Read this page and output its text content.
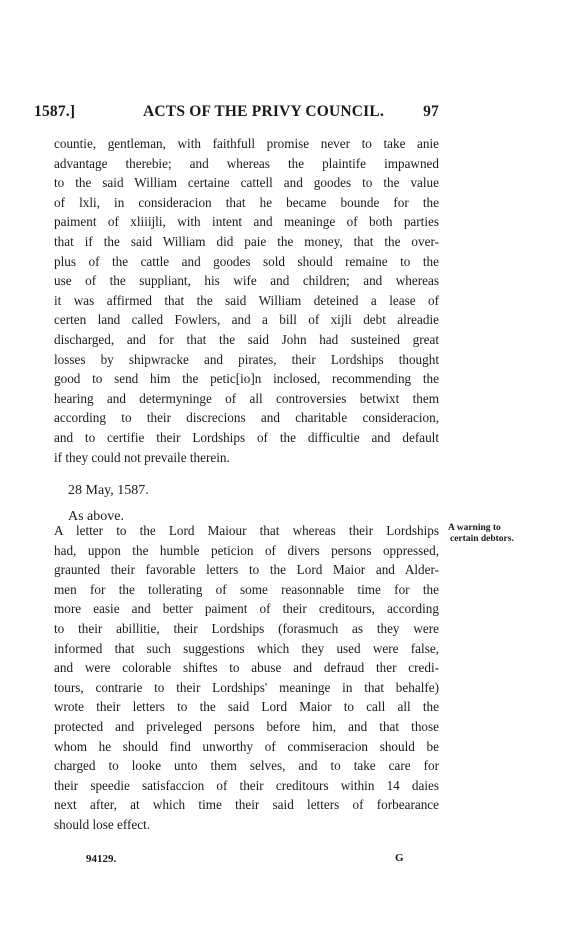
1587.]	ACTS OF THE PRIVY COUNCIL.	97
countie, gentleman, with faithfull promise never to take anie
advantage therebie; and whereas the plaintife impawned
to the said William certaine cattell and goodes to the value
of lxli, in consideracion that he became bounde for the
paiment of xliiijli, with intent and meaninge of both parties
that if the said William did paie the money, that the over-
plus of the cattle and goodes sold should remaine to the
use of the suppliant, his wife and children; and whereas
it was affirmed that the said William deteined a lease of
certen land called Fowlers, and a bill of xijli debt alreadie
discharged, and for that the said John had susteined great
losses by shipwracke and pirates, their Lordships thought
good to send him the petic[io]n inclosed, recommending the
hearing and determyninge of all controversies betwixt them
according to their discrecions and charitable consideracion,
and to certifie their Lordships of the difficultie and default
if they could not prevaile therein.
28 May, 1587.
As above.
A letter to the Lord Maiour that whereas their Lordships
had, uppon the humble peticion of divers persons oppressed,
graunted their favorable letters to the Lord Maior and Alder-
men for the tollerating of some reasonnable time for the
more easie and better paiment of their creditours, according
to their abillitie, their Lordships (forasmuch as they were
informed that such suggestions which they used were false,
and were colorable shiftes to abuse and defraud ther credi-
tours, contrarie to their Lordships' meaninge in that behalfe)
wrote their letters to the said Lord Maior to call all the
protected and priveleged persons before him, and that those
whom he should find unworthy of commiseracion should be
charged to looke unto them selves, and to take care for
their speedie satisfaccion of their creditours within 14 daies
next after, at which time their said letters of forbearance
should lose effect.
A warning to
certain debtors.
94129.	G
